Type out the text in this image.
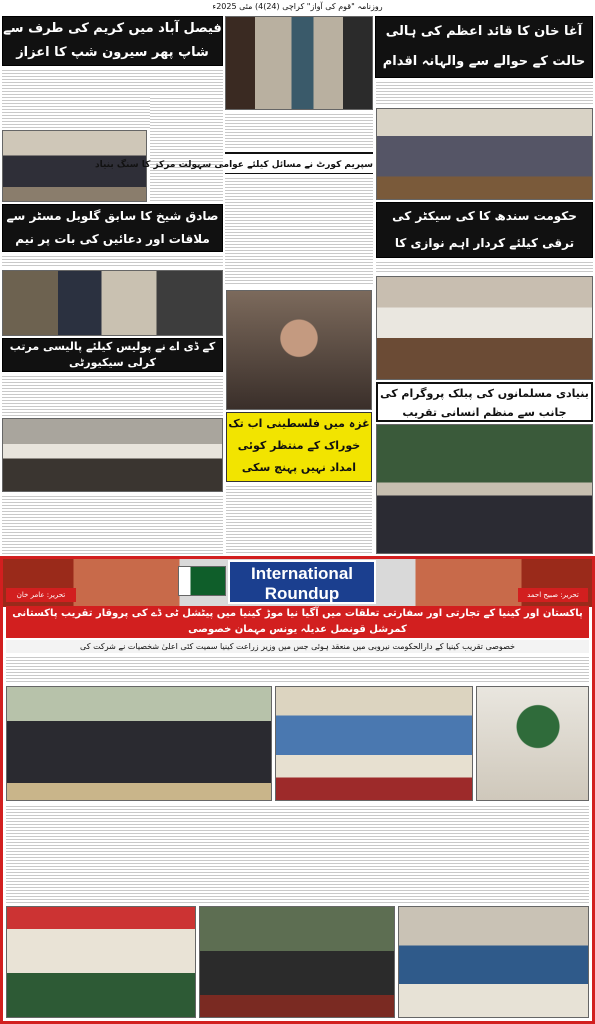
روزنامہ "قوم کی آواز" کراچی (24)4) مئی 2025ء
آغا خان کا قائد اعظم کی ہالی حالت کے حوالے سے والہانہ اقدام
فیصل آباد میں کریم کی طرف سے شاپ پھر سیرون شپ کا اعزاز
سپریم کورٹ نے مسائل کیلئے عوامی سہولت مرکز کا سنگ بنیاد
صادق شیخ کا سابق گلوبل مسٹر سے ملاقات اور دعائیں کی بات پر نیم
حکومت سندھ کا کی سیکٹر کی ترقی کیلئے کردار اہم نوازی کا
کے ڈی اے نے پولیس کیلئے پالیسی مرتب کرلی سیکیورٹی
بنیادی مسلمانوں کی پبلک پروگرام کی جانب سے منظم انسانی تقریب
غزہ میں فلسطینی اب تک خوراک کے منتظر کوئی امداد نہیں پہنچ سکی
International
Roundup
تحریر: عامر خان	تحریر: صبیح احمد
پاکستان اور کینیا کے تجارتی اور سفارتی تعلقات میں آگیا نیا موڑ کینیا میں پیٹشل ٹی ڈے کی پروقار تقریب پاکستانی کمرشل قونصل عدیلہ یونس مہمان خصوصی
خصوصی تقریب کینیا کے دارالحکومت نیروبی میں منعقد ہوئی جس میں وزیر زراعت کینیا سمیت کئی اعلیٰ شخصیات نے شرکت کی
